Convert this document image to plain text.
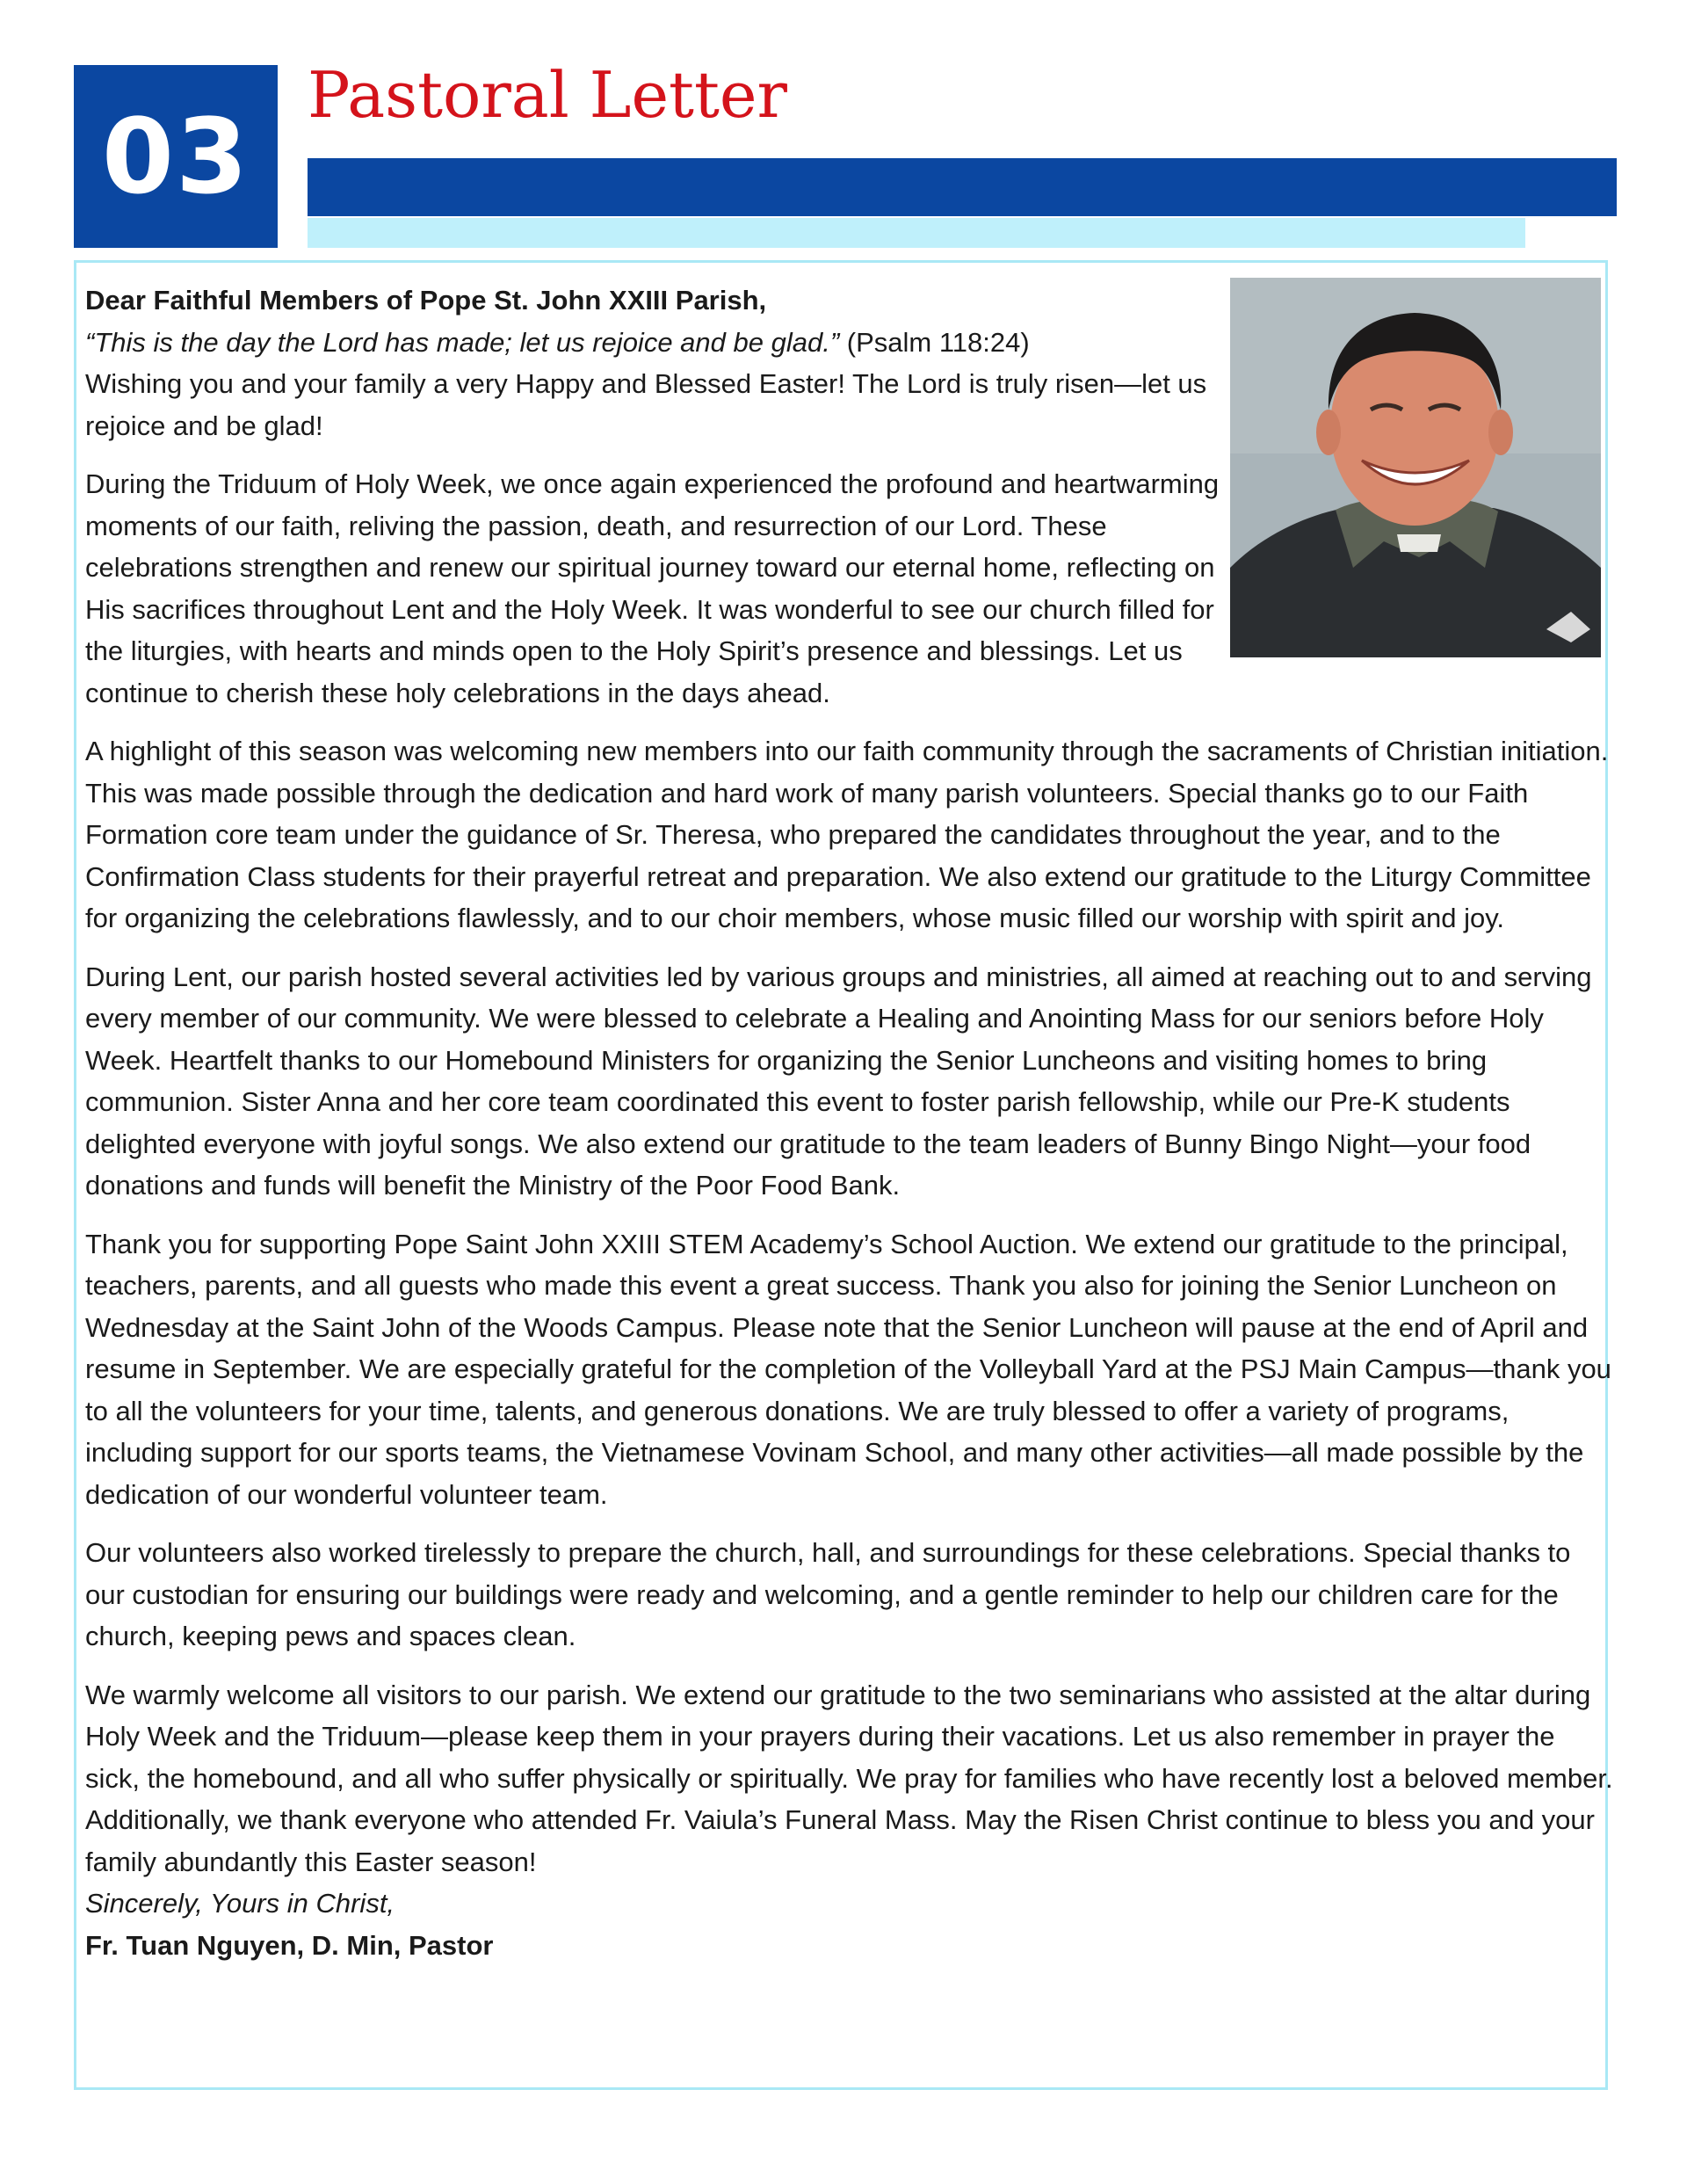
03
Pastoral Letter

Dear Faithful Members of Pope St. John XXIII Parish,
“This is the day the Lord has made; let us rejoice and be glad.” (Psalm 118:24)
Wishing you and your family a very Happy and Blessed Easter! The Lord is truly risen—let us rejoice and be glad!

During the Triduum of Holy Week, we once again experienced the profound and heartwarming moments of our faith, reliving the passion, death, and resurrection of our Lord. These celebrations strengthen and renew our spiritual journey toward our eternal home, reflecting on His sacrifices throughout Lent and the Holy Week. It was wonderful to see our church filled for the liturgies, with hearts and minds open to the Holy Spirit’s presence and blessings. Let us continue to cherish these holy celebrations in the days ahead.

A highlight of this season was welcoming new members into our faith community through the sacraments of Christian initiation. This was made possible through the dedication and hard work of many parish volunteers. Special thanks go to our Faith Formation core team under the guidance of Sr. Theresa, who prepared the candidates throughout the year, and to the Confirmation Class students for their prayerful retreat and preparation. We also extend our gratitude to the Liturgy Committee for organizing the celebrations flawlessly, and to our choir members, whose music filled our worship with spirit and joy.

During Lent, our parish hosted several activities led by various groups and ministries, all aimed at reaching out to and serving every member of our community. We were blessed to celebrate a Healing and Anointing Mass for our seniors before Holy Week. Heartfelt thanks to our Homebound Ministers for organizing the Senior Luncheons and visiting homes to bring communion. Sister Anna and her core team coordinated this event to foster parish fellowship, while our Pre-K students delighted everyone with joyful songs. We also extend our gratitude to the team leaders of Bunny Bingo Night—your food donations and funds will benefit the Ministry of the Poor Food Bank.

Thank you for supporting Pope Saint John XXIII STEM Academy’s School Auction. We extend our gratitude to the principal, teachers, parents, and all guests who made this event a great success. Thank you also for joining the Senior Luncheon on Wednesday at the Saint John of the Woods Campus. Please note that the Senior Luncheon will pause at the end of April and resume in September. We are especially grateful for the completion of the Volleyball Yard at the PSJ Main Campus—thank you to all the volunteers for your time, talents, and generous donations. We are truly blessed to offer a variety of programs, including support for our sports teams, the Vietnamese Vovinam School, and many other activities—all made possible by the dedication of our wonderful volunteer team.

Our volunteers also worked tirelessly to prepare the church, hall, and surroundings for these celebrations. Special thanks to our custodian for ensuring our buildings were ready and welcoming, and a gentle reminder to help our children care for the church, keeping pews and spaces clean.

We warmly welcome all visitors to our parish. We extend our gratitude to the two seminarians who assisted at the altar during Holy Week and the Triduum—please keep them in your prayers during their vacations. Let us also remember in prayer the sick, the homebound, and all who suffer physically or spiritually. We pray for families who have recently lost a beloved member. Additionally, we thank everyone who attended Fr. Vaiula’s Funeral Mass. May the Risen Christ continue to bless you and your family abundantly this Easter season!
Sincerely, Yours in Christ,
Fr. Tuan Nguyen, D. Min, Pastor
